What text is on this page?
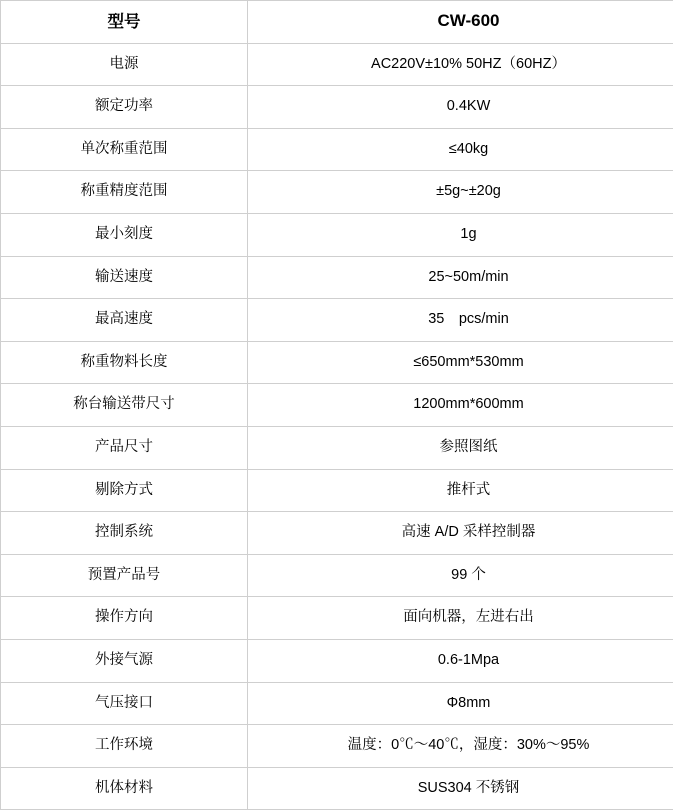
型号	CW-600
电源	AC220V±10% 50HZ（60HZ）
额定功率	0.4KW
单次称重范围	≤40kg
称重精度范围	±5g~±20g
最小刻度	1g
输送速度	25~50m/min
最高速度	35　pcs/min
称重物料长度	≤650mm*530mm
称台输送带尺寸	1200mm*600mm
产品尺寸	参照图纸
剔除方式	推杆式
控制系统	高速 A/D 采样控制器
预置产品号	99 个
操作方向	面向机器，左进右出
外接气源	0.6-1Mpa
气压接口	Φ8mm
工作环境	温度：0℃～40℃，湿度：30%～95%
机体材料	SUS304 不锈钢
